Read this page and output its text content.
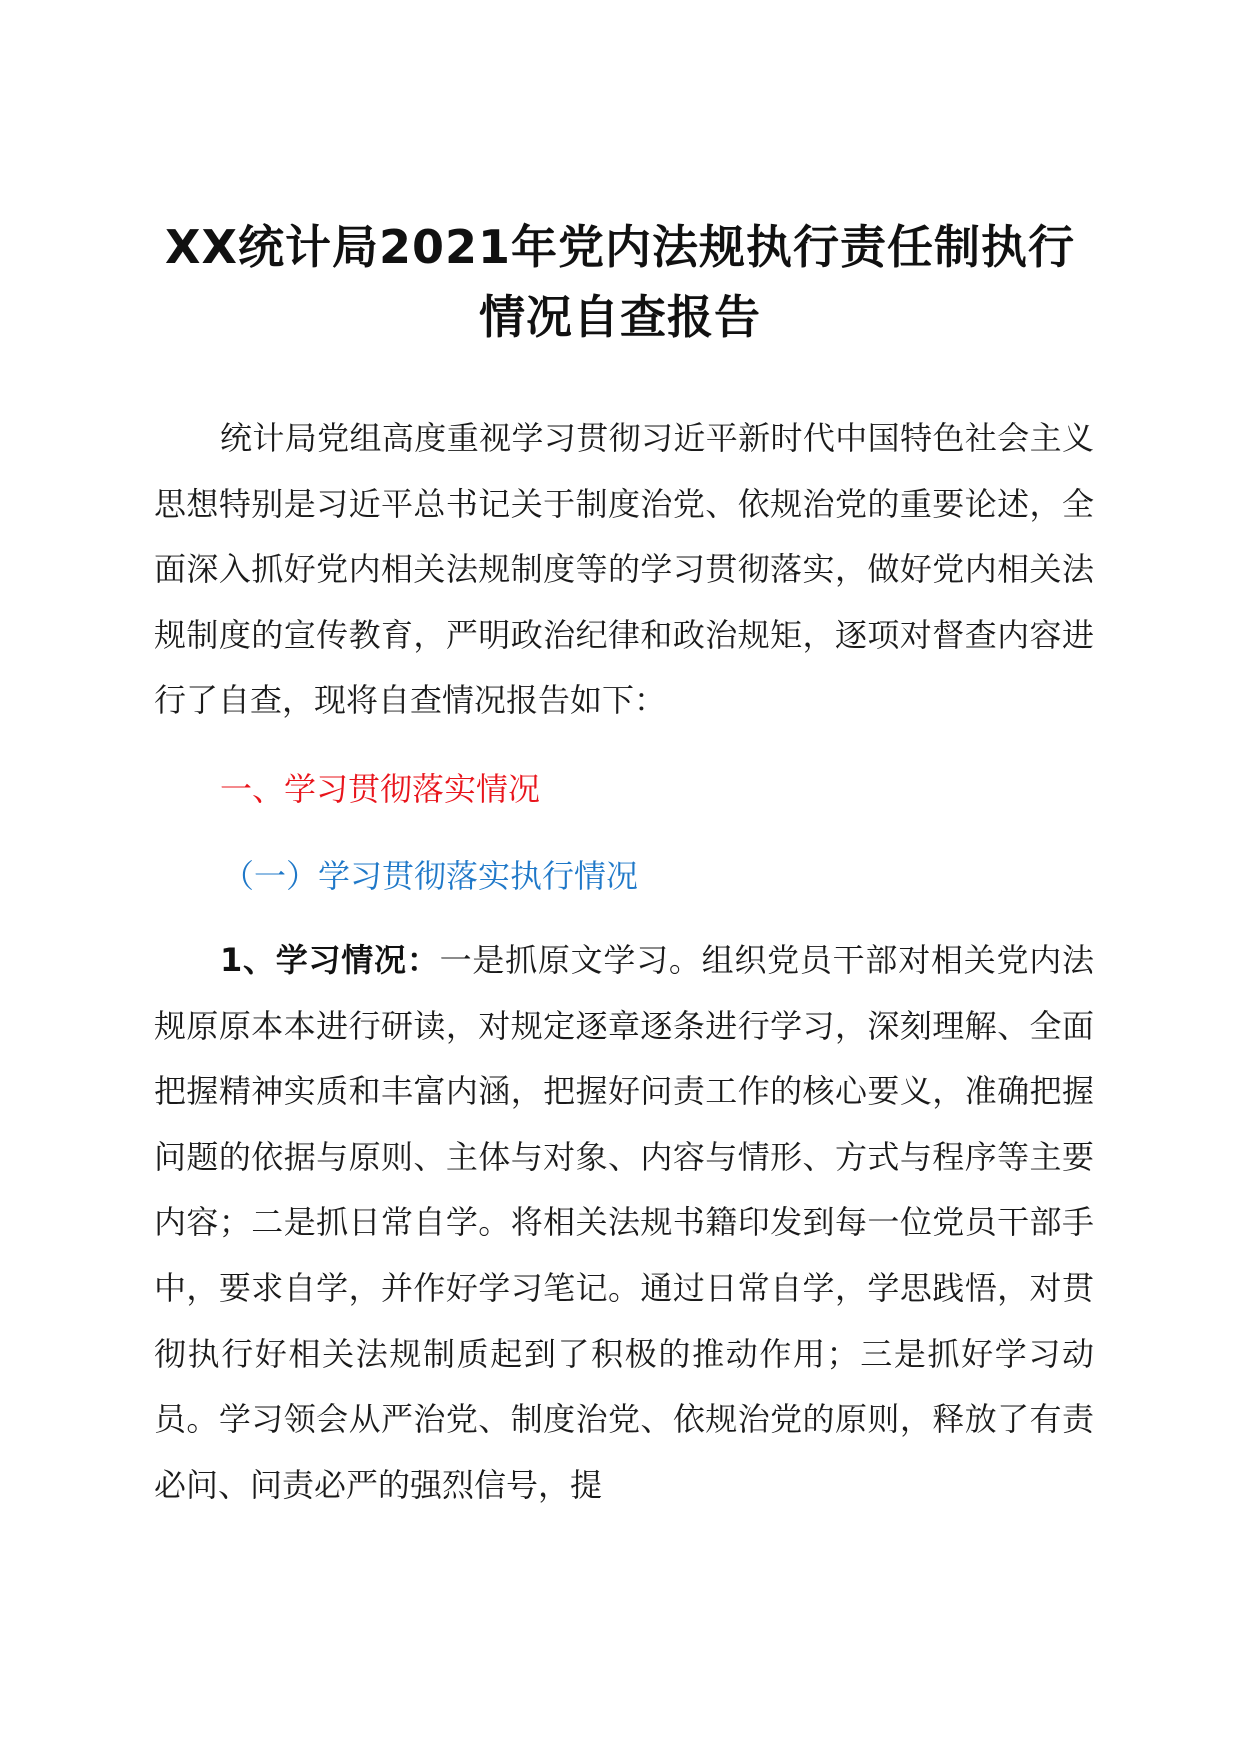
XX统计局2021年党内法规执行责任制执行
情况自查报告

统计局党组高度重视学习贯彻习近平新时代中国特色社会主义思想特别是习近平总书记关于制度治党、依规治党的重要论述，全面深入抓好党内相关法规制度等的学习贯彻落实，做好党内相关法规制度的宣传教育，严明政治纪律和政治规矩，逐项对督查内容进行了自查，现将自查情况报告如下：

一、学习贯彻落实情况
（一）学习贯彻落实执行情况

1、学习情况：一是抓原文学习。组织党员干部对相关党内法规原原本本进行研读，对规定逐章逐条进行学习，深刻理解、全面把握精神实质和丰富内涵，把握好问责工作的核心要义，准确把握问题的依据与原则、主体与对象、内容与情形、方式与程序等主要内容；二是抓日常自学。将相关法规书籍印发到每一位党员干部手中，要求自学，并作好学习笔记。通过日常自学，学思践悟，对贯彻执行好相关法规制质起到了积极的推动作用；三是抓好学习动员。学习领会从严治党、制度治党、依规治党的原则，释放了有责必问、问责必严的强烈信号，提
